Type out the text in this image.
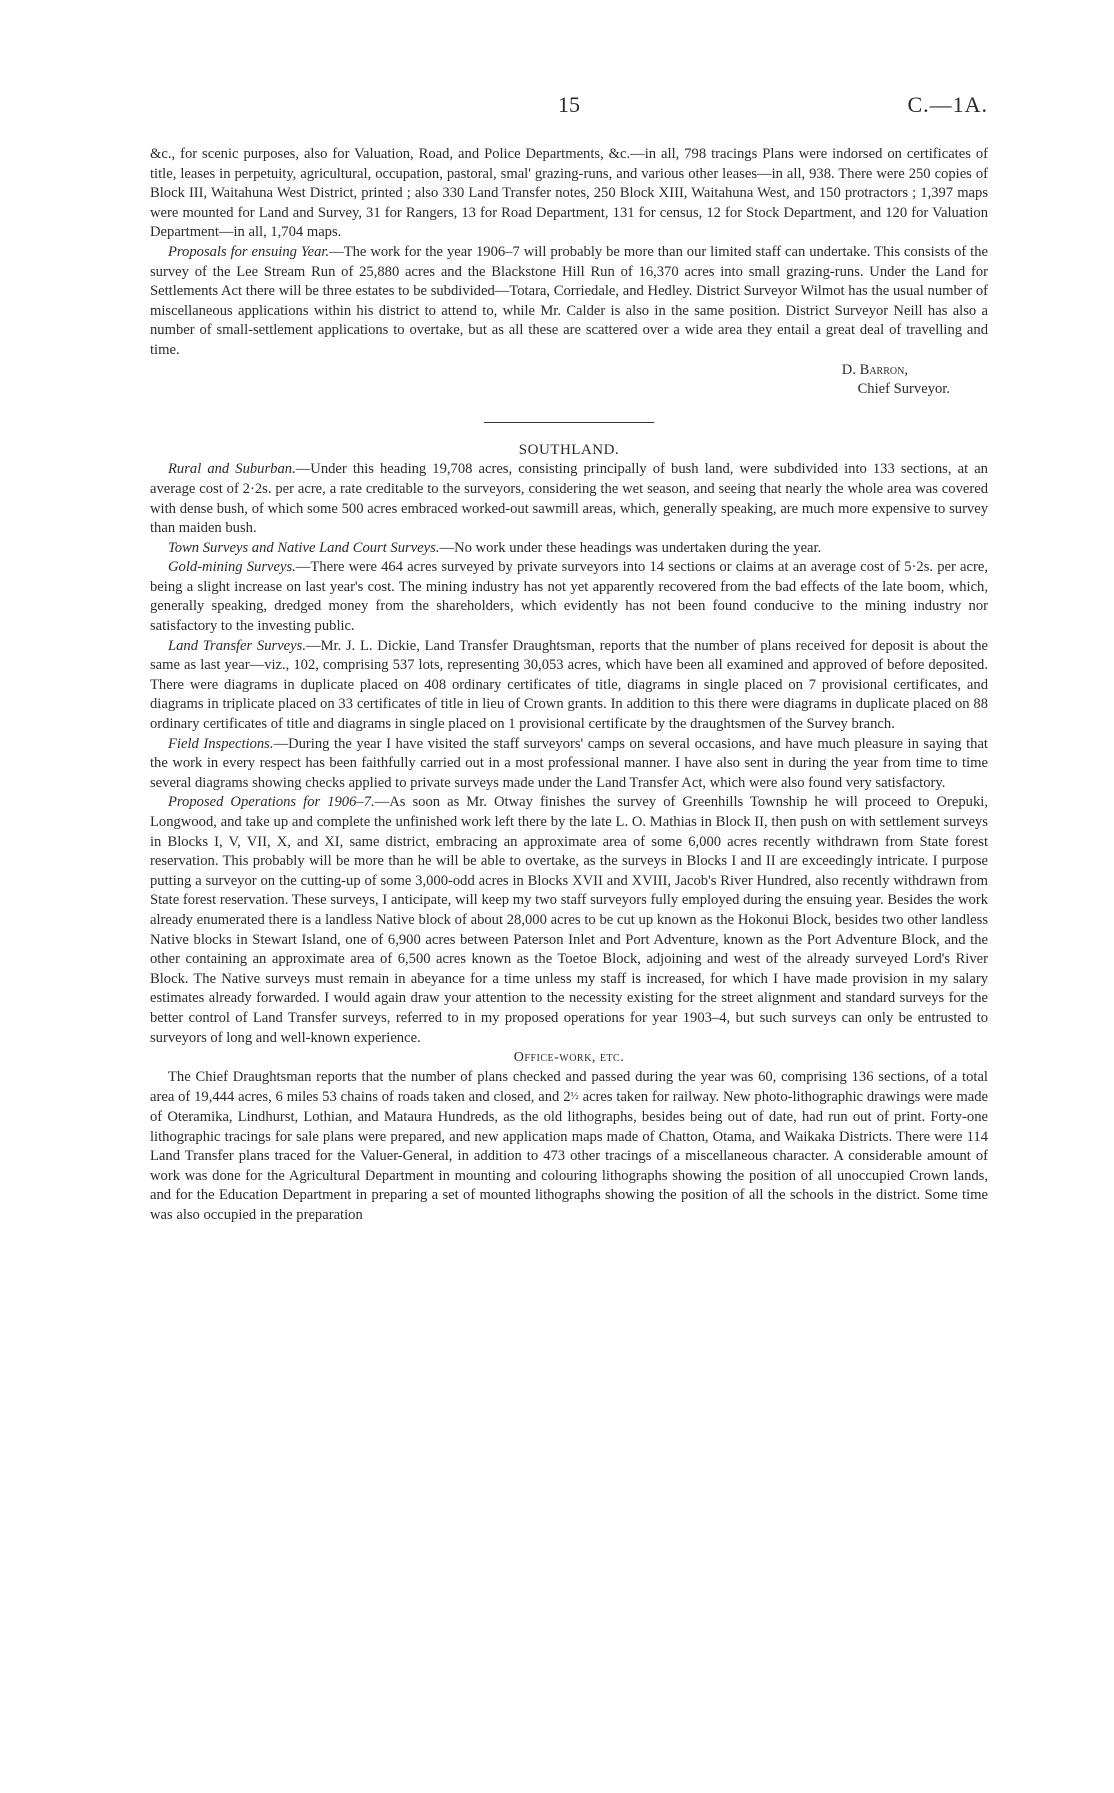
15	C.—1A.

&c., for scenic purposes, also for Valuation, Road, and Police Departments, &c.—in all, 798 tracings Plans were indorsed on certificates of title, leases in perpetuity, agricultural, occupation, pastoral, smal' grazing-runs, and various other leases—in all, 938. There were 250 copies of Block III, Waitahuna West District, printed ; also 330 Land Transfer notes, 250 Block XIII, Waitahuna West, and 150 protractors ; 1,397 maps were mounted for Land and Survey, 31 for Rangers, 13 for Road Department, 131 for census, 12 for Stock Department, and 120 for Valuation Department—in all, 1,704 maps.

Proposals for ensuing Year.—The work for the year 1906–7 will probably be more than our limited staff can undertake. This consists of the survey of the Lee Stream Run of 25,880 acres and the Blackstone Hill Run of 16,370 acres into small grazing-runs. Under the Land for Settlements Act there will be three estates to be subdivided—Totara, Corriedale, and Hedley. District Surveyor Wilmot has the usual number of miscellaneous applications within his district to attend to, while Mr. Calder is also in the same position. District Surveyor Neill has also a number of small-settlement applications to overtake, but as all these are scattered over a wide area they entail a great deal of travelling and time.

D. Barron,

Chief Surveyor.

SOUTHLAND.

Rural and Suburban.—Under this heading 19,708 acres, consisting principally of bush land, were subdivided into 133 sections, at an average cost of 2·2s. per acre, a rate creditable to the surveyors, considering the wet season, and seeing that nearly the whole area was covered with dense bush, of which some 500 acres embraced worked-out sawmill areas, which, generally speaking, are much more expensive to survey than maiden bush.

Town Surveys and Native Land Court Surveys.—No work under these headings was undertaken during the year.

Gold-mining Surveys.—There were 464 acres surveyed by private surveyors into 14 sections or claims at an average cost of 5·2s. per acre, being a slight increase on last year's cost. The mining industry has not yet apparently recovered from the bad effects of the late boom, which, generally speaking, dredged money from the shareholders, which evidently has not been found conducive to the mining industry nor satisfactory to the investing public.

Land Transfer Surveys.—Mr. J. L. Dickie, Land Transfer Draughtsman, reports that the number of plans received for deposit is about the same as last year—viz., 102, comprising 537 lots, representing 30,053 acres, which have been all examined and approved of before deposited. There were diagrams in duplicate placed on 408 ordinary certificates of title, diagrams in single placed on 7 provisional certificates, and diagrams in triplicate placed on 33 certificates of title in lieu of Crown grants. In addition to this there were diagrams in duplicate placed on 88 ordinary certificates of title and diagrams in single placed on 1 provisional certificate by the draughtsmen of the Survey branch.

Field Inspections.—During the year I have visited the staff surveyors' camps on several occasions, and have much pleasure in saying that the work in every respect has been faithfully carried out in a most professional manner. I have also sent in during the year from time to time several diagrams showing checks applied to private surveys made under the Land Transfer Act, which were also found very satisfactory.

Proposed Operations for 1906–7.—As soon as Mr. Otway finishes the survey of Greenhills Township he will proceed to Orepuki, Longwood, and take up and complete the unfinished work left there by the late L. O. Mathias in Block II, then push on with settlement surveys in Blocks I, V, VII, X, and XI, same district, embracing an approximate area of some 6,000 acres recently withdrawn from State forest reservation. This probably will be more than he will be able to overtake, as the surveys in Blocks I and II are exceedingly intricate. I purpose putting a surveyor on the cutting-up of some 3,000-odd acres in Blocks XVII and XVIII, Jacob's River Hundred, also recently withdrawn from State forest reservation. These surveys, I anticipate, will keep my two staff surveyors fully employed during the ensuing year. Besides the work already enumerated there is a landless Native block of about 28,000 acres to be cut up known as the Hokonui Block, besides two other landless Native blocks in Stewart Island, one of 6,900 acres between Paterson Inlet and Port Adventure, known as the Port Adventure Block, and the other containing an approximate area of 6,500 acres known as the Toetoe Block, adjoining and west of the already surveyed Lord's River Block. The Native surveys must remain in abeyance for a time unless my staff is increased, for which I have made provision in my salary estimates already forwarded. I would again draw your attention to the necessity existing for the street alignment and standard surveys for the better control of Land Transfer surveys, referred to in my proposed operations for year 1903–4, but such surveys can only be entrusted to surveyors of long and well-known experience.

Office-work, etc.

The Chief Draughtsman reports that the number of plans checked and passed during the year was 60, comprising 136 sections, of a total area of 19,444 acres, 6 miles 53 chains of roads taken and closed, and 2½ acres taken for railway. New photo-lithographic drawings were made of Oteramika, Lindhurst, Lothian, and Mataura Hundreds, as the old lithographs, besides being out of date, had run out of print. Forty-one lithographic tracings for sale plans were prepared, and new application maps made of Chatton, Otama, and Waikaka Districts. There were 114 Land Transfer plans traced for the Valuer-General, in addition to 473 other tracings of a miscellaneous character. A considerable amount of work was done for the Agricultural Department in mounting and colouring lithographs showing the position of all unoccupied Crown lands, and for the Education Department in preparing a set of mounted lithographs showing the position of all the schools in the district. Some time was also occupied in the preparation
